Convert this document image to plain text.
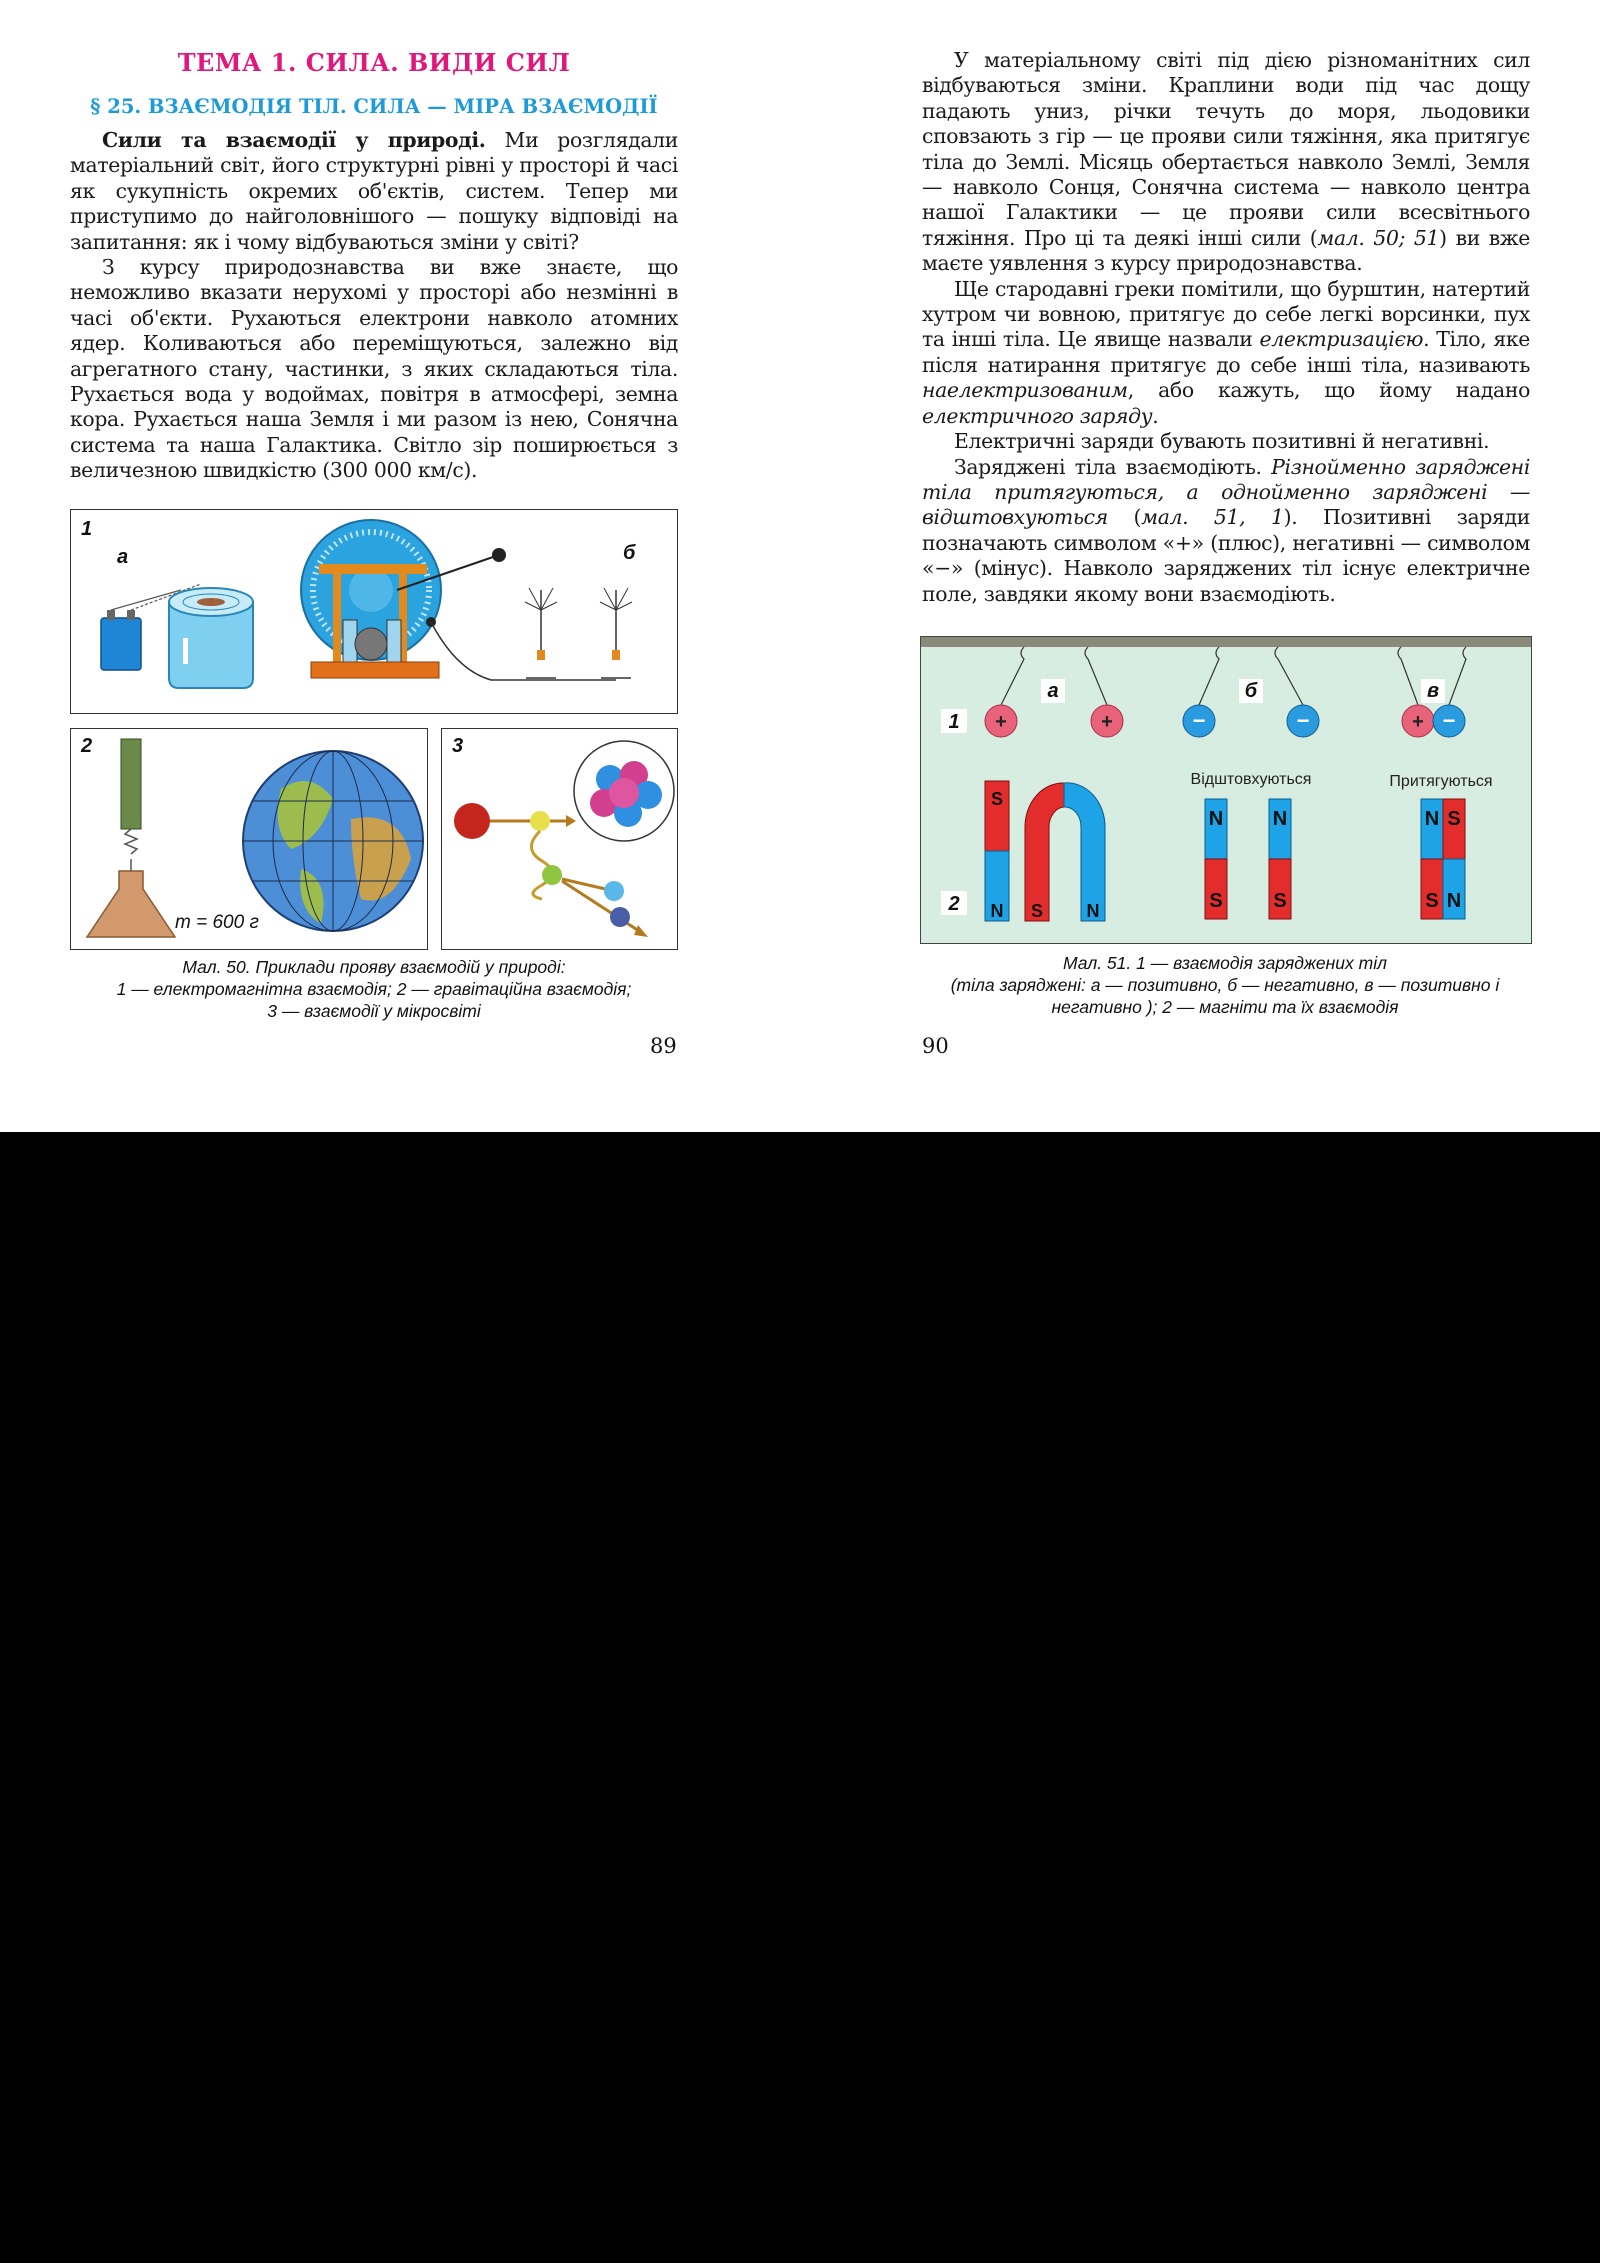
ТЕМА 1. СИЛА. ВИДИ СИЛ
§ 25. ВЗАЄМОДІЯ ТІЛ. СИЛА — МІРА ВЗАЄМОДІЇ

Сили та взаємодії у природі. Ми розглядали матеріальний світ, його структурні рівні у просторі й часі як сукупність окремих об'єктів, систем. Тепер ми приступимо до найголовнішого — пошуку відповіді на запитання: як і чому відбуваються зміни у світі?

З курсу природознавства ви вже знаєте, що неможливо вказати нерухомі у просторі або незмінні в часі об'єкти. Рухаються електрони навколо атомних ядер. Коливаються або переміщуються, залежно від агрегатного стану, частинки, з яких складаються тіла. Рухається вода у водоймах, повітря в атмосфері, земна кора. Рухається наша Земля і ми разом із нею, Сонячна система та наша Галактика. Світло зір поширюється з величезною швидкістю (300 000 км/с).

1
а	б
2
m = 600 г
3
Мал. 50. Приклади прояву взаємодій у природі:
1 — електромагнітна взаємодія; 2 — гравітаційна взаємодія;
3 — взаємодії у мікросвіті
89

У матеріальному світі під дією різноманітних сил відбуваються зміни. Краплини води під час дощу падають униз, річки течуть до моря, льодовики сповзають з гір — це прояви сили тяжіння, яка притягує тіла до Землі. Місяць обертається навколо Землі, Земля — навколо Сонця, Сонячна система — навколо центра нашої Галактики — це прояви сили всесвітнього тяжіння. Про ці та деякі інші сили (мал. 50; 51) ви вже маєте уявлення з курсу природознавства.

Ще стародавні греки помітили, що бурштин, натертий хутром чи вовною, притягує до себе легкі ворсинки, пух та інші тіла. Це явище назвали електризацією. Тіло, яке після натирання притягує до себе інші тіла, називають наелектризованим, або кажуть, що йому надано електричного заряду.

Електричні заряди бувають позитивні й негативні.

Заряджені тіла взаємодіють. Різнойменно заряджені тіла притягуються, а однойменно заряджені — відштовхуються (мал. 51, 1). Позитивні заряди позначають символом «+» (плюс), негативні — символом «−» (мінус). Навколо заряджених тіл існує електричне поле, завдяки якому вони взаємодіють.

+	+	−	−	+ −
1
2
а	б	в
Відштовхуються	Притягуються
S
N S N
N
S
N
S
N
S
S
N
Мал. 51. 1 — взаємодія заряджених тіл
(тіла заряджені: а — позитивно, б — негативно, в — позитивно і
негативно ); 2 — магніти та їх взаємодія
90
